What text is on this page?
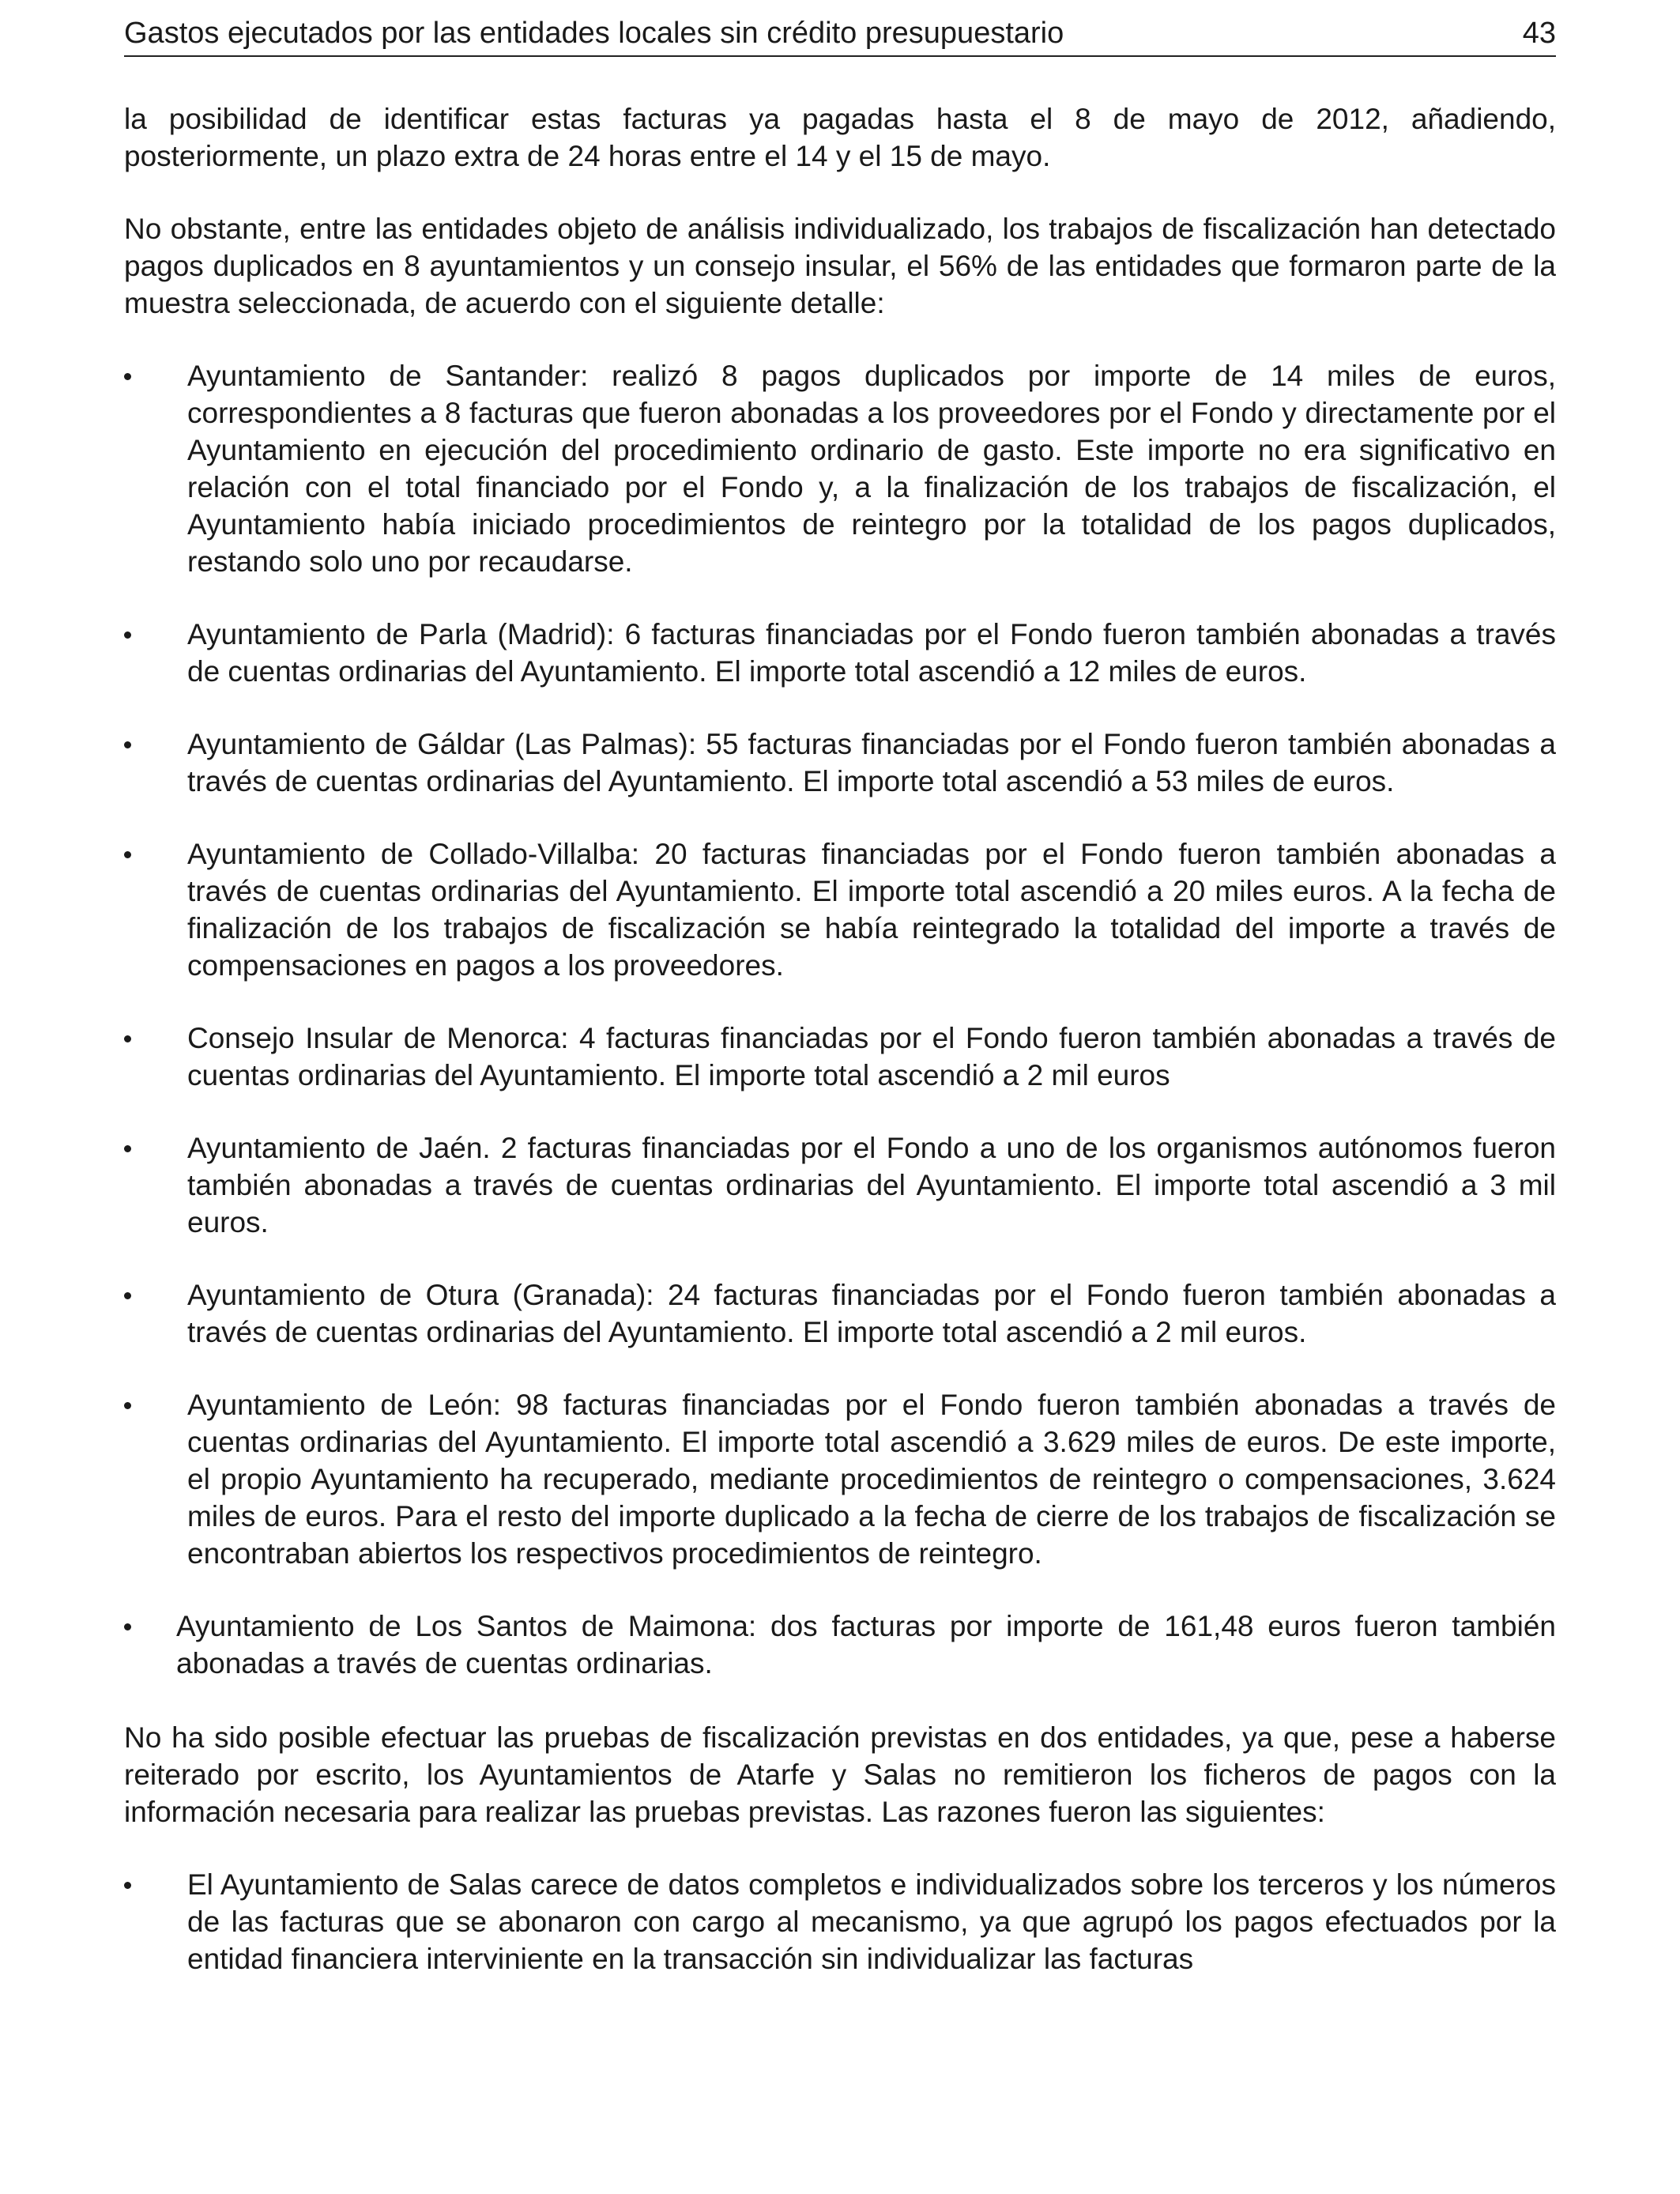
Gastos ejecutados por las entidades locales sin crédito presupuestario	43

la posibilidad de identificar estas facturas ya pagadas hasta el 8 de mayo de 2012, añadiendo, posteriormente, un plazo extra de 24 horas entre el 14 y el 15 de mayo.

No obstante, entre las entidades objeto de análisis individualizado, los trabajos de fiscalización han detectado pagos duplicados en 8 ayuntamientos y un consejo insular, el 56% de las entidades que formaron parte de la muestra seleccionada, de acuerdo con el siguiente detalle:

Ayuntamiento de Santander: realizó 8 pagos duplicados por importe de 14 miles de euros, correspondientes a 8 facturas que fueron abonadas a los proveedores por el Fondo y directamente por el Ayuntamiento en ejecución del procedimiento ordinario de gasto. Este importe no era significativo en relación con el total financiado por el Fondo y, a la finalización de los trabajos de fiscalización, el Ayuntamiento había iniciado procedimientos de reintegro por la totalidad de los pagos duplicados, restando solo uno por recaudarse.
Ayuntamiento de Parla (Madrid): 6 facturas financiadas por el Fondo fueron también abonadas a través de cuentas ordinarias del Ayuntamiento. El importe total ascendió a 12 miles de euros.
Ayuntamiento de Gáldar (Las Palmas): 55 facturas financiadas por el Fondo fueron también abonadas a través de cuentas ordinarias del Ayuntamiento. El importe total ascendió a 53 miles de euros.
Ayuntamiento de Collado-Villalba: 20 facturas financiadas por el Fondo fueron también abonadas a través de cuentas ordinarias del Ayuntamiento. El importe total ascendió a 20 miles euros. A la fecha de finalización de los trabajos de fiscalización se había reintegrado la totalidad del importe a través de compensaciones en pagos a los proveedores.
Consejo Insular de Menorca: 4 facturas financiadas por el Fondo fueron también abonadas a través de cuentas ordinarias del Ayuntamiento. El importe total ascendió a 2 mil euros
Ayuntamiento de Jaén. 2 facturas financiadas por el Fondo a uno de los organismos autónomos fueron también abonadas a través de cuentas ordinarias del Ayuntamiento. El importe total ascendió a 3 mil euros.
Ayuntamiento de Otura (Granada): 24 facturas financiadas por el Fondo fueron también abonadas a través de cuentas ordinarias del Ayuntamiento. El importe total ascendió a 2 mil euros.
Ayuntamiento de León: 98 facturas financiadas por el Fondo fueron también abonadas a través de cuentas ordinarias del Ayuntamiento. El importe total ascendió a 3.629 miles de euros. De este importe, el propio Ayuntamiento ha recuperado, mediante procedimientos de reintegro o compensaciones, 3.624 miles de euros. Para el resto del importe duplicado a la fecha de cierre de los trabajos de fiscalización se encontraban abiertos los respectivos procedimientos de reintegro.
Ayuntamiento de Los Santos de Maimona: dos facturas por importe de 161,48 euros fueron también abonadas a través de cuentas ordinarias.

No ha sido posible efectuar las pruebas de fiscalización previstas en dos entidades, ya que, pese a haberse reiterado por escrito, los Ayuntamientos de Atarfe y Salas no remitieron los ficheros de pagos con la información necesaria para realizar las pruebas previstas. Las razones fueron las siguientes:

El Ayuntamiento de Salas carece de datos completos e individualizados sobre los terceros y los números de las facturas que se abonaron con cargo al mecanismo, ya que agrupó los pagos efectuados por la entidad financiera interviniente en la transacción sin individualizar las facturas
